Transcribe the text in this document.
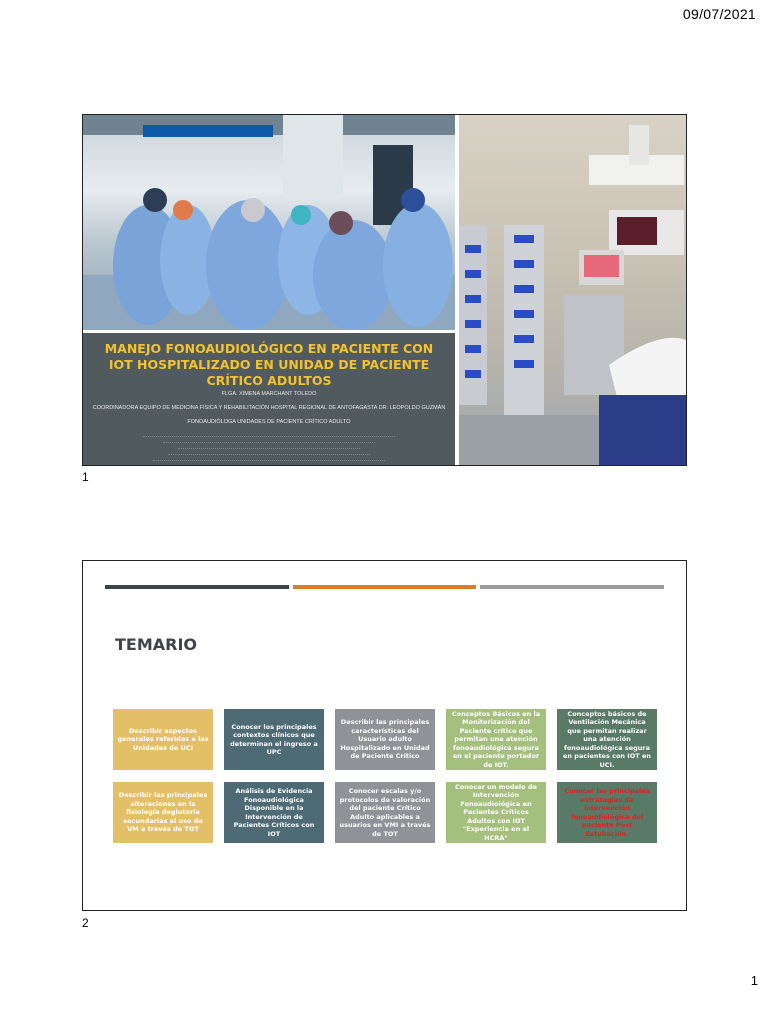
09/07/2021
MANEJO FONOAUDIOLÓGICO EN PACIENTE CON IOT HOSPITALIZADO EN UNIDAD DE PACIENTE CRÍTICO ADULTOS
FLGA. XIMENA MARCHANT TOLEDO
COORDINADORA EQUIPO DE MEDICINA FÍSICA Y REHABILITACIÓN HOSPITAL REGIONAL DE ANTOFAGASTA DR. LEOPOLDO GUZMÁN
FONOAUDIÓLOGA UNIDADES DE PACIENTE CRÍTICO ADULTO
1
TEMARIO
Describir aspectos generales referidos a las Unidades de UCI
Conocer los principales contextos clínicos que determinan el ingreso a UPC
Describir las principales características del Usuario adulto Hospitalizado en Unidad de Paciente Crítico
Conceptos Básicos en la Monitorización del Paciente crítico que permitan una atención fonoaudiológica segura en el paciente portador de IOT.
Conceptos básicos de Ventilación Mecánica que permitan realizar una atención fonoaudiológica segura en pacientes con IOT en UCI.
Describir las principales alteraciones en la fisiología deglutoria secundarias al uso de VM a través de TOT
Análisis de Evidencia Fonoaudiológica Disponible en la Intervención de Pacientes Críticos con IOT
Conocer escalas y/o protocolos de valoración del paciente Crítico Adulto aplicables a usuarios en VMI a través de TOT
Conocer un modelo de Intervención Fonoaudiológica en Pacientes Críticos Adultos con IOT "Experiencia en el HCRA"
Conocer las principales estrategias de intervención fonoaudiológica del paciente Post Extubación.
2
1
